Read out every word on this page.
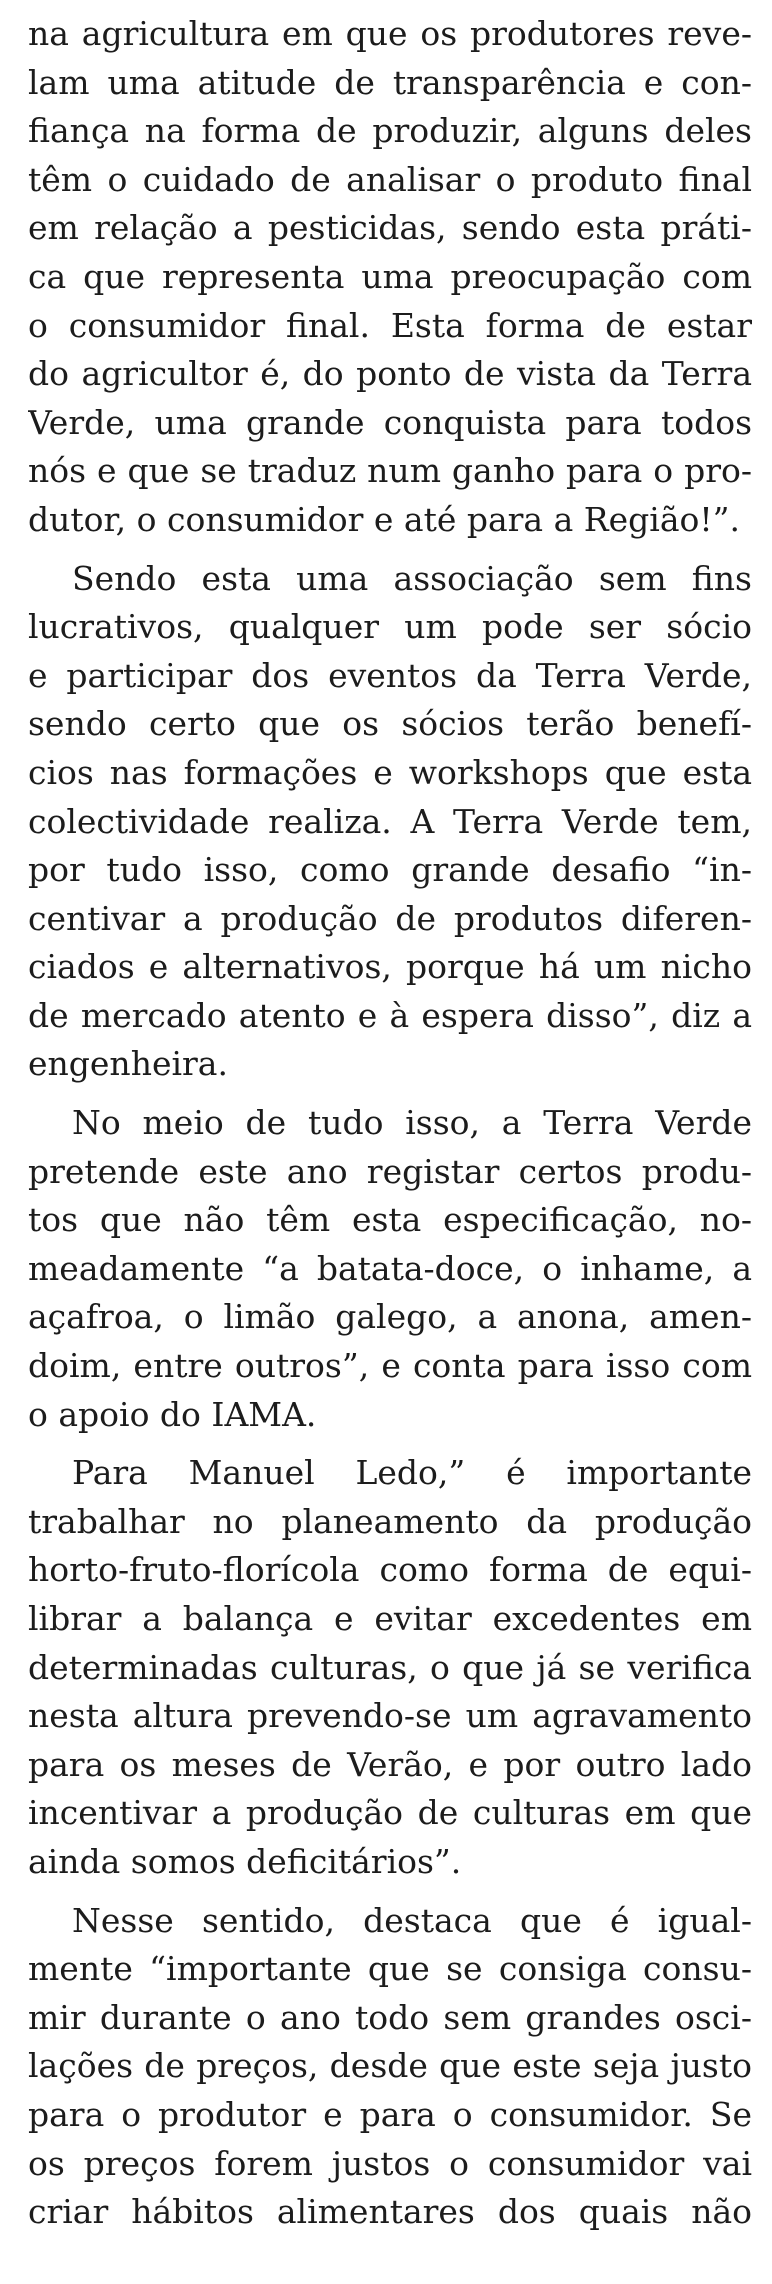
na agricultura em que os produtores reve-
lam uma atitude de transparência e con-
fiança na forma de produzir, alguns deles
têm o cuidado de analisar o produto final
em relação a pesticidas, sendo esta práti-
ca que representa uma preocupação com
o consumidor final. Esta forma de estar
do agricultor é, do ponto de vista da Terra
Verde, uma grande conquista para todos
nós e que se traduz num ganho para o pro-
dutor, o consumidor e até para a Região!”.
Sendo esta uma associação sem fins
lucrativos, qualquer um pode ser sócio
e participar dos eventos da Terra Verde,
sendo certo que os sócios terão benefí-
cios nas formações e workshops que esta
colectividade realiza. A Terra Verde tem,
por tudo isso, como grande desafio “in-
centivar a produção de produtos diferen-
ciados e alternativos, porque há um nicho
de mercado atento e à espera disso”, diz a
engenheira.
No meio de tudo isso, a Terra Verde
pretende este ano registar certos produ-
tos que não têm esta especificação, no-
meadamente “a batata-doce, o inhame, a
açafroa, o limão galego, a anona, amen-
doim, entre outros”, e conta para isso com
o apoio do IAMA.
Para Manuel Ledo,” é importante
trabalhar no planeamento da produção
horto-fruto-florícola como forma de equi-
librar a balança e evitar excedentes em
determinadas culturas, o que já se verifica
nesta altura prevendo-se um agravamento
para os meses de Verão, e por outro lado
incentivar a produção de culturas em que
ainda somos deficitários”.
Nesse sentido, destaca que é igual-
mente “importante que se consiga consu-
mir durante o ano todo sem grandes osci-
lações de preços, desde que este seja justo
para o produtor e para o consumidor. Se
os preços forem justos o consumidor vai
criar hábitos alimentares dos quais não
